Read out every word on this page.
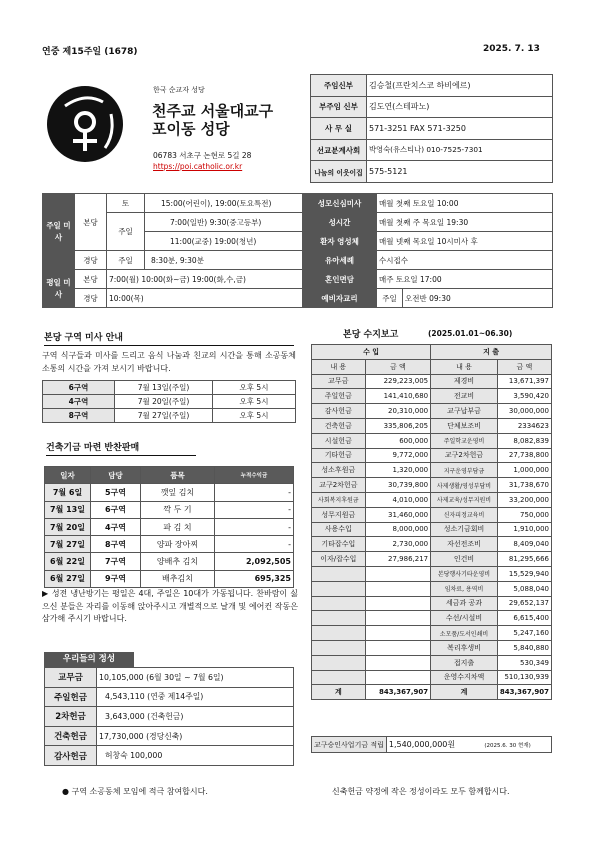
연중 제15주일 (1678)	2025. 7. 13
한국 순교자 성당
천주교 서울대교구
포이동 성당
06783 서초구 논현로 5길 28
https://poi.catholic.or.kr
주임신부	김승철(프란치스코 하비에르)
부주임 신부	김도연(스테파노)
사 무 실	571-3251 FAX 571-3250
선교분계사회	박영숙(유스티나) 010-7525-7301
나눔의 이웃이집	575-5121
주일 미사	본당	토	15:00(어린이), 19:00(토요특전)	성모신심미사	매월 첫째 토요일 10:00	
		주일	7:00(일반) 9:30(중고등부)	성시간	매월 첫째 주 목요일 19:30	
			11:00(교중) 19:00(청년)	환자 영성체	매월 넷째 목요일 10시미사 후	
	경당	주일	8:30분, 9:30분	유아세례	수시접수	
평일 미사	본당	7:00(월) 10:00(화~금) 19:00(화,수,금)		혼인면담	매주 토요일 17:00	
	경당	10:00(목)		예비자교리	주일	오전반 09:30
본당 구역 미사 안내
구역 식구들과 미사를 드리고 음식 나눔과 친교의 시간을 통해 소공동체 소통의 시간을 가져 보시기 바랍니다.
6구역	7월 13일(주일)	오후 5시
4구역	7월 20일(주일)	오후 5시
8구역	7월 27일(주일)	오후 5시
건축기금 마련 반찬판매
일자	담당	품목	누적수익금
7월 6일	5구역	깻잎 김치	-
7월 13일	6구역	깍 두 기	-
7월 20일	4구역	파 김 치	-
7월 27일	8구역	양파 장아찌	-
6월 22일	7구역	양배추 김치	2,092,505
6월 27일	9구역	배추김치	695,325
▶ 성전 냉난방기는 평일은 4대, 주일은 10대가 가동됩니다. 찬바람이 싫으신 분들은 자리를 이동해 앉아주시고 개별적으로 날개 및 에어컨 작동은 삼가해 주시기 바랍니다.
우리들의 정성
교무금	10,105,000 (6월 30일 ~ 7월 6일)
주일헌금	4,543,110 (연중 제14주일)
2차헌금	3,643,000 (건축헌금)
건축헌금	17,730,000 (경당신축)
감사헌금	허창숙 100,000
본당 수지보고	(2025.01.01~06.30)
수 입		지 출	
내 용	금 액	내 용	금 액
교무금	229,223,005	제경비	13,671,397
주일헌금	141,410,680	전교비	3,590,420
감사헌금	20,310,000	교구납부금	30,000,000
건축헌금	335,806,205	단체보조비	2334623
시설헌금	600,000	주일학교운영비	8,082,839
기타헌금	9,772,000	교구2차헌금	27,738,800
성소후원금	1,320,000	지구운영부담금	1,000,000
교구2차헌금	30,739,800	사제생활/영성부담비	31,738,670
사회복지후원금	4,010,000	사제교육/성무지원비	33,200,000
성무지원금	31,460,000	신자피정교육비	750,000
사용수입	8,000,000	성소기금회비	1,910,000
기타잡수입	2,730,000	자선전조비	8,409,040
이자/잡수입	27,986,217	인건비	81,295,666
		본당행사기타운영비	15,529,940
		임차료, 용역비	5,088,040
		세금과 공과	29,652,137
		수선/시설비	6,615,400
		소모품/도서인쇄비	5,247,160
		복리후생비	5,840,880
		접지출	530,349
		운영수지차액	510,130,939
계	843,367,907	계	843,367,907
교구승인사업기금 적립	1,540,000,000원	(2025.6. 30 현재)
● 구역 소공동체 모임에 적극 참여합시다.	신축헌금 약정에 작은 정성이라도 모두 함께합시다.
